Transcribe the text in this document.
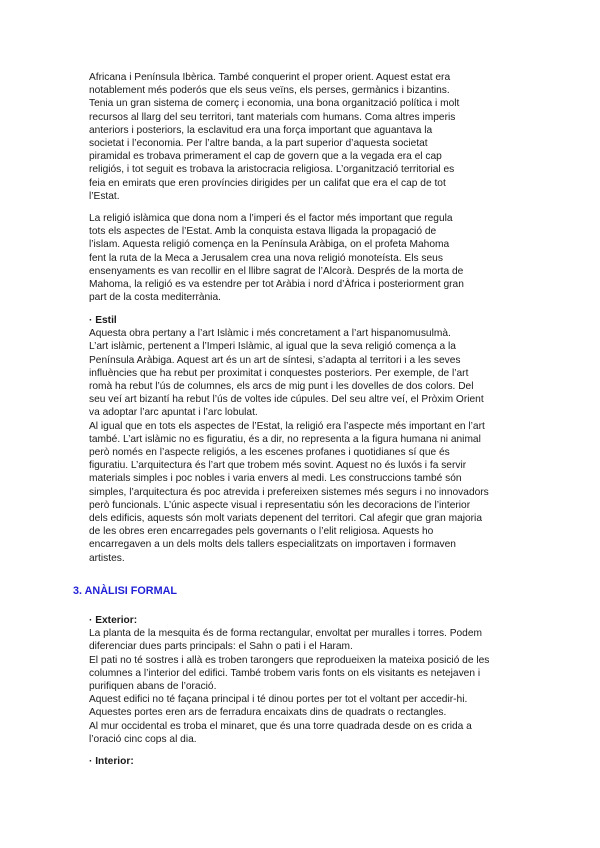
Africana i Península Ibèrica. També conquerint el proper orient. Aquest estat era
notablement més poderós que els seus veïns, els perses, germànics i bizantins.
Tenia un gran sistema de comerç i economia, una bona organització política i molt
recursos al llarg del seu territori, tant materials com humans. Coma altres imperis
anteriors i posteriors, la esclavitud era una força important que aguantava la
societat i l’economia. Per l’altre banda, a la part superior d’aquesta societat
piramidal es trobava primerament el cap de govern que a la vegada era el cap
religiós, i tot seguit es trobava la aristocracia religiosa. L’organització territorial es
feia en emirats que eren províncies dirigides per un califat que era el cap de tot
l’Estat.

La religió islàmica que dona nom a l’imperi és el factor més important que regula
tots els aspectes de l’Estat. Amb la conquista estava lligada la propagació de
l’islam. Aquesta religió comença en la Península Aràbiga, on el profeta Mahoma
fent la ruta de la Meca a Jerusalem crea una nova religió monoteísta. Els seus
ensenyaments es van recollir en el llibre sagrat de l’Alcorà. Després de la morta de
Mahoma, la religió es va estendre per tot Aràbia i nord d’Àfrica i posteriorment gran
part de la costa mediterrània.

· Estil
Aquesta obra pertany a l’art Islàmic i més concretament a l’art hispanomusulmà.
L’art islàmic, pertenent a l’Imperi Islàmic, al igual que la seva religió comença a la
Península Aràbiga. Aquest art és un art de síntesi, s’adapta al territori i a les seves
influències que ha rebut per proximitat i conquestes posteriors. Per exemple, de l’art
romà ha rebut l’ús de columnes, els arcs de mig punt i les dovelles de dos colors. Del
seu veí art bizantí ha rebut l’ús de voltes ide cúpules. Del seu altre veí, el Pròxim Orient
va adoptar l’arc apuntat i l’arc lobulat.
Al igual que en tots els aspectes de l’Estat, la religió era l’aspecte més important en l’art
també. L’art islàmic no es figuratiu, és a dir, no representa a la figura humana ni animal
però només en l’aspecte religiós, a les escenes profanes i quotidianes sí que és
figuratiu. L’arquitectura és l’art que trobem més sovint. Aquest no és luxós i fa servir
materials simples i poc nobles i varia envers al medi. Les construccions també són
simples, l’arquitectura és poc atrevida i prefereixen sistemes més segurs i no innovadors
però funcionals. L’únic aspecte visual i representatiu són les decoracions de l’interior
dels edificis, aquests són molt variats depenent del territori. Cal afegir que gran majoria
de les obres eren encarregades pels governants o l’elit religiosa. Aquests ho
encarregaven a un dels molts dels tallers especialitzats on importaven i formaven
artistes.

3. ANÀLISI FORMAL

· Exterior:
La planta de la mesquita és de forma rectangular, envoltat per muralles i torres. Podem
diferenciar dues parts principals: el Sahn o pati i el Haram.
El pati no té sostres i allà es troben tarongers que reprodueixen la mateixa posició de les
columnes a l’interior del edifici. També trobem varis fonts on els visitants es netejaven i
purifiquen abans de l’oració.
Aquest edifici no té façana principal i té dinou portes per tot el voltant per accedir-hi.
Aquestes portes eren ars de ferradura encaixats dins de quadrats o rectangles.
Al mur occidental es troba el minaret, que és una torre quadrada desde on es crida a
l’oració cinc cops al dia.

· Interior:
